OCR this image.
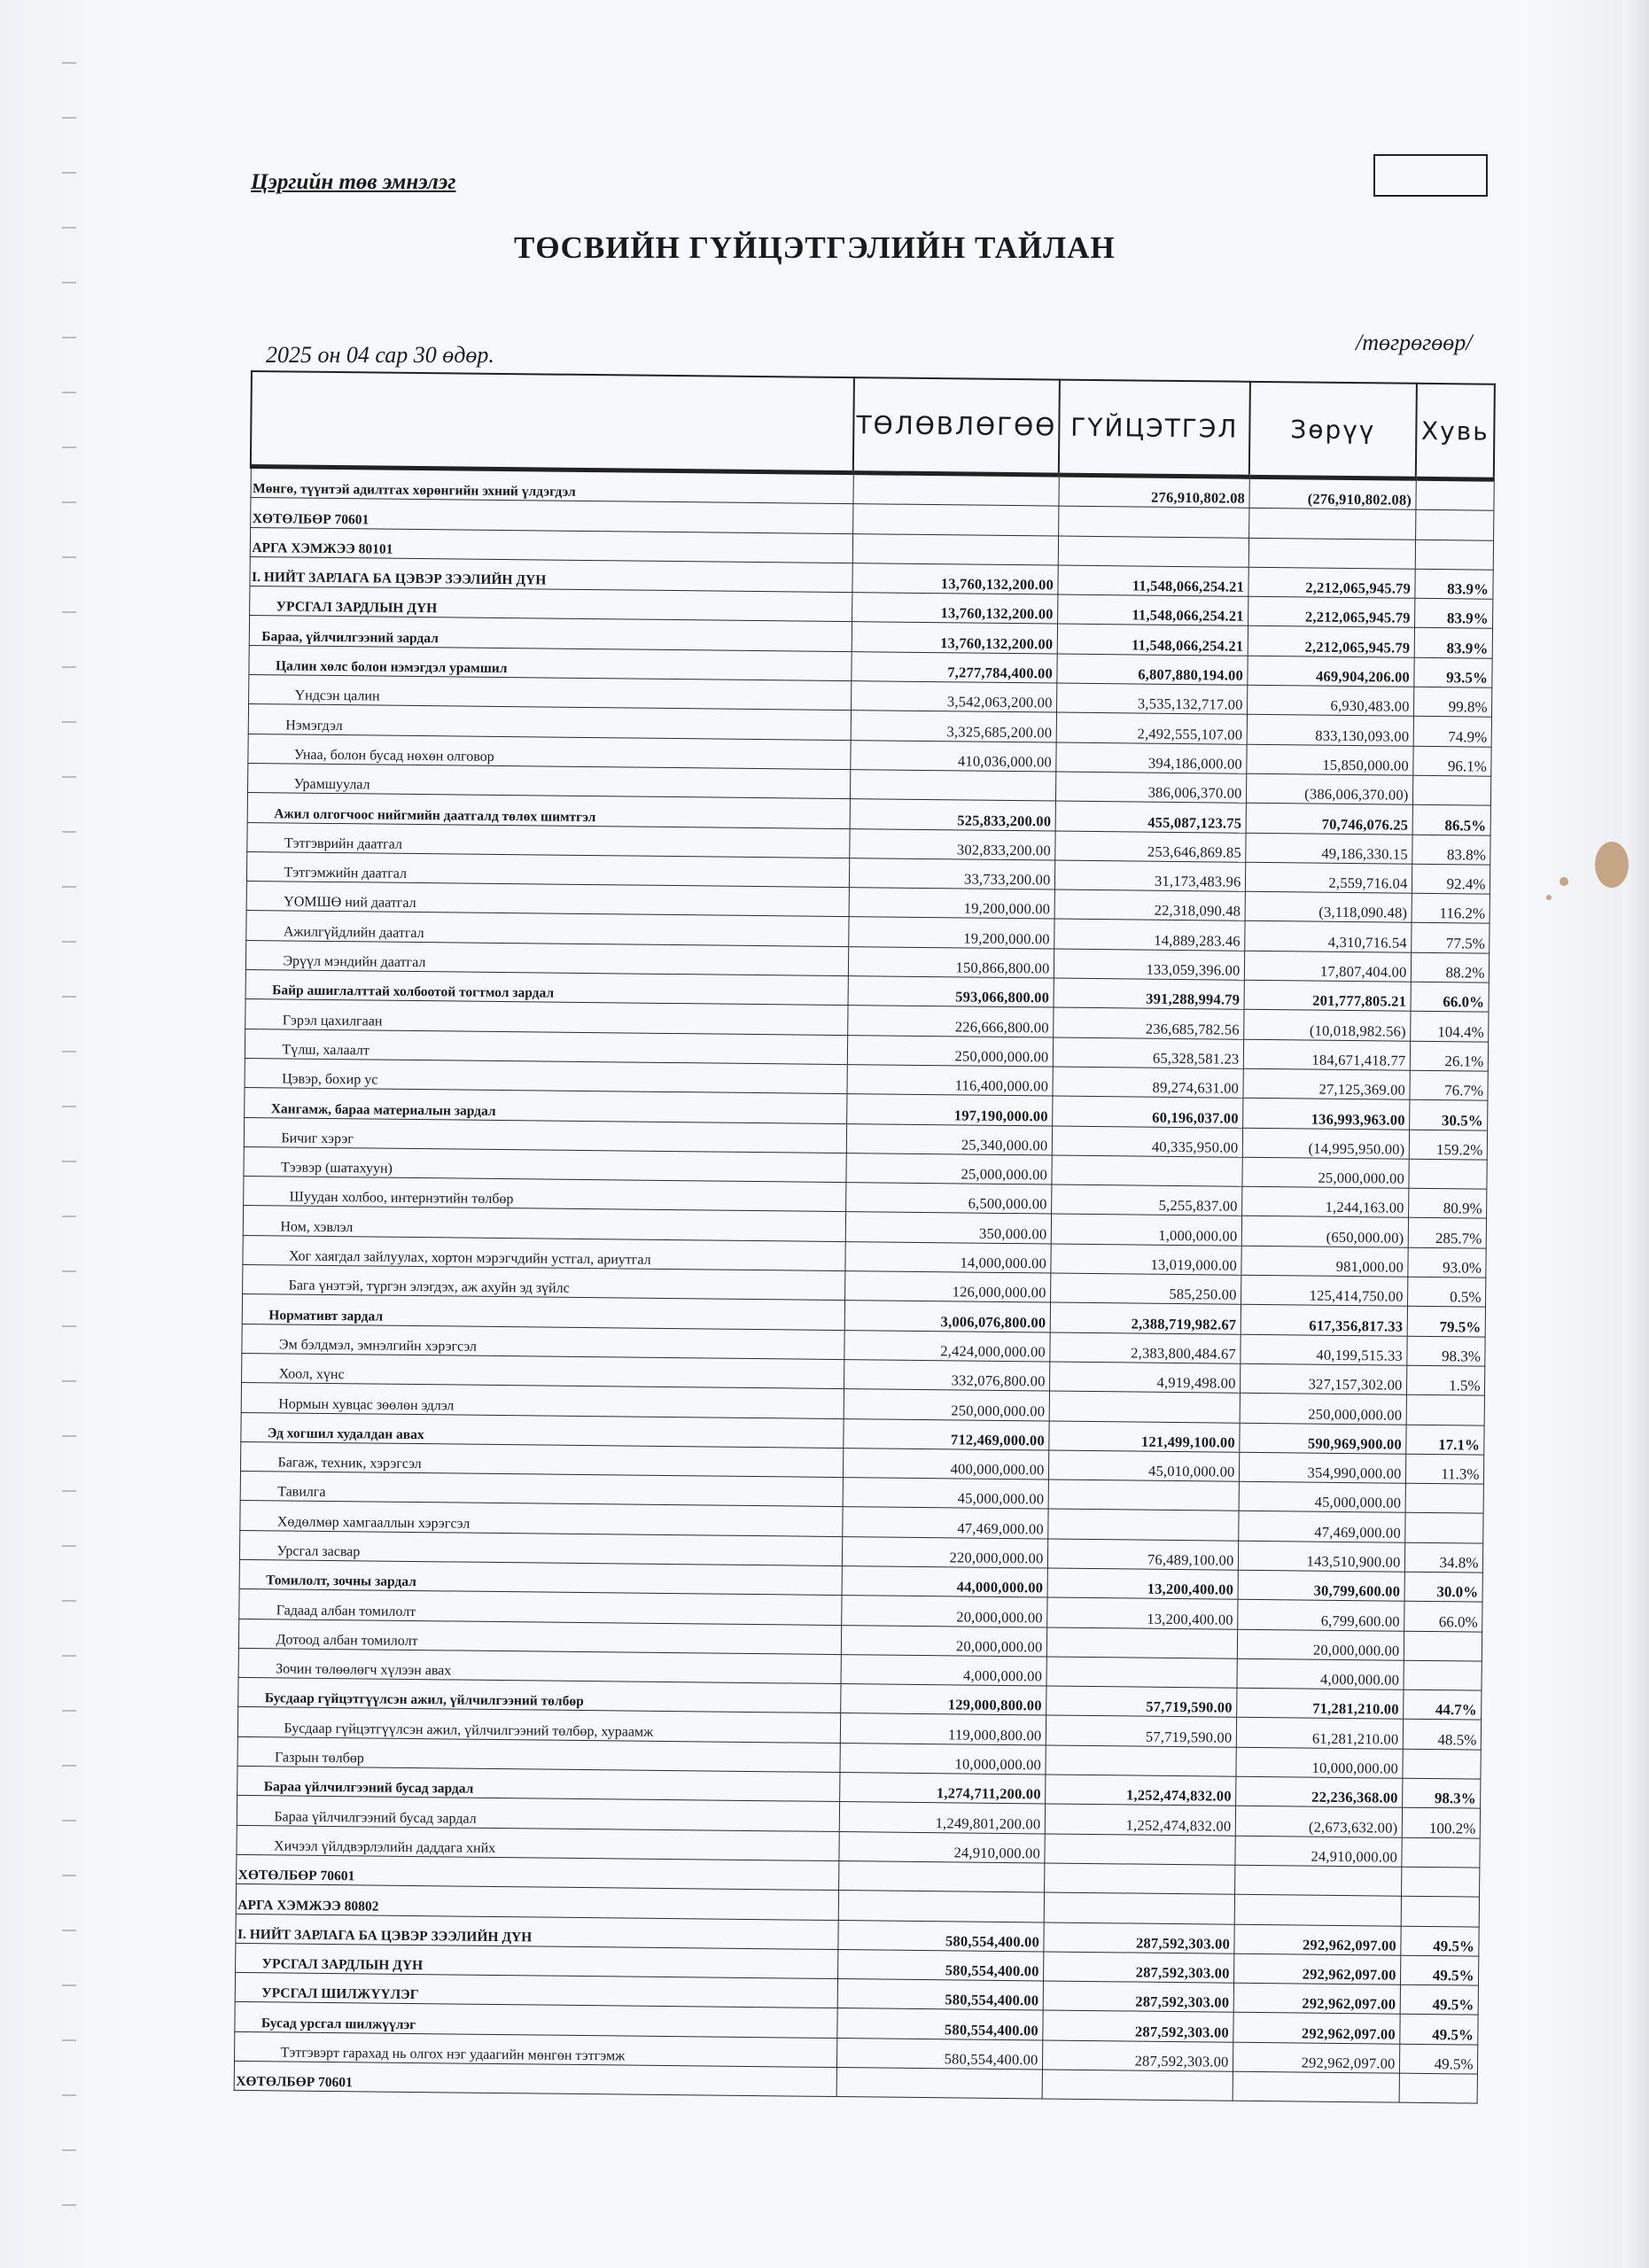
Цэргийн төв эмнэлэг
ТӨСВИЙН ГҮЙЦЭТГЭЛИЙН ТАЙЛАН
2025 он 04 сар 30 өдөр.	/төгрөгөөр/
	ТӨЛӨВЛӨГӨӨ	ГҮЙЦЭТГЭЛ	Зөрүү	Хувь
Мөнгө, түүнтэй адилтгах хөрөнгийн эхний үлдэгдэл		276,910,802.08	(276,910,802.08)	
ХӨТӨЛБӨР 70601				
АРГА ХЭМЖЭЭ 80101				
I. НИЙТ ЗАРЛАГА БА ЦЭВЭР ЗЭЭЛИЙН ДҮН	13,760,132,200.00	11,548,066,254.21	2,212,065,945.79	83.9%
УРСГАЛ ЗАРДЛЫН ДҮН	13,760,132,200.00	11,548,066,254.21	2,212,065,945.79	83.9%
Бараа, үйлчилгээний зардал	13,760,132,200.00	11,548,066,254.21	2,212,065,945.79	83.9%
Цалин хөлс болон нэмэгдэл урамшил	7,277,784,400.00	6,807,880,194.00	469,904,206.00	93.5%
Үндсэн цалин	3,542,063,200.00	3,535,132,717.00	6,930,483.00	99.8%
Нэмэгдэл	3,325,685,200.00	2,492,555,107.00	833,130,093.00	74.9%
Унаа, болон бусад нөхөн олговор	410,036,000.00	394,186,000.00	15,850,000.00	96.1%
Урамшуулал		386,006,370.00	(386,006,370.00)	
Ажил олгогчоос нийгмийн даатгалд төлөх шимтгэл	525,833,200.00	455,087,123.75	70,746,076.25	86.5%
Тэтгэврийн даатгал	302,833,200.00	253,646,869.85	49,186,330.15	83.8%
Тэтгэмжийн даатгал	33,733,200.00	31,173,483.96	2,559,716.04	92.4%
ҮОМШӨ ний даатгал	19,200,000.00	22,318,090.48	(3,118,090.48)	116.2%
Ажилгүйдлийн даатгал	19,200,000.00	14,889,283.46	4,310,716.54	77.5%
Эрүүл мэндийн даатгал	150,866,800.00	133,059,396.00	17,807,404.00	88.2%
Байр ашиглалттай холбоотой тогтмол зардал	593,066,800.00	391,288,994.79	201,777,805.21	66.0%
Гэрэл цахилгаан	226,666,800.00	236,685,782.56	(10,018,982.56)	104.4%
Түлш, халаалт	250,000,000.00	65,328,581.23	184,671,418.77	26.1%
Цэвэр, бохир ус	116,400,000.00	89,274,631.00	27,125,369.00	76.7%
Хангамж, бараа материалын зардал	197,190,000.00	60,196,037.00	136,993,963.00	30.5%
Бичиг хэрэг	25,340,000.00	40,335,950.00	(14,995,950.00)	159.2%
Тээвэр (шатахуун)	25,000,000.00		25,000,000.00	
Шуудан холбоо, интернэтийн төлбөр	6,500,000.00	5,255,837.00	1,244,163.00	80.9%
Ном, хэвлэл	350,000.00	1,000,000.00	(650,000.00)	285.7%
Хог хаягдал зайлуулах, хортон мэрэгчдийн устгал, ариутгал	14,000,000.00	13,019,000.00	981,000.00	93.0%
Бага үнэтэй, түргэн элэгдэх, аж ахуйн эд зүйлс	126,000,000.00	585,250.00	125,414,750.00	0.5%
Нормативт зардал	3,006,076,800.00	2,388,719,982.67	617,356,817.33	79.5%
Эм бэлдмэл, эмнэлгийн хэрэгсэл	2,424,000,000.00	2,383,800,484.67	40,199,515.33	98.3%
Хоол, хүнс	332,076,800.00	4,919,498.00	327,157,302.00	1.5%
Нормын хувцас зөөлөн эдлэл	250,000,000.00		250,000,000.00	
Эд хогшил худалдан авах	712,469,000.00	121,499,100.00	590,969,900.00	17.1%
Багаж, техник, хэрэгсэл	400,000,000.00	45,010,000.00	354,990,000.00	11.3%
Тавилга	45,000,000.00		45,000,000.00	
Хөдөлмөр хамгааллын хэрэгсэл	47,469,000.00		47,469,000.00	
Урсгал засвар	220,000,000.00	76,489,100.00	143,510,900.00	34.8%
Томилолт, зочны зардал	44,000,000.00	13,200,400.00	30,799,600.00	30.0%
Гадаад албан томилолт	20,000,000.00	13,200,400.00	6,799,600.00	66.0%
Дотоод албан томилолт	20,000,000.00		20,000,000.00	
Зочин төлөөлөгч хүлээн авах	4,000,000.00		4,000,000.00	
Бусдаар гүйцэтгүүлсэн ажил, үйлчилгээний төлбөр	129,000,800.00	57,719,590.00	71,281,210.00	44.7%
Бусдаар гүйцэтгүүлсэн ажил, үйлчилгээний төлбөр, хураамж	119,000,800.00	57,719,590.00	61,281,210.00	48.5%
Газрын төлбөр	10,000,000.00		10,000,000.00	
Бараа үйлчилгээний бусад зардал	1,274,711,200.00	1,252,474,832.00	22,236,368.00	98.3%
Бараа үйлчилгээний бусад зардал	1,249,801,200.00	1,252,474,832.00	(2,673,632.00)	100.2%
Хичээл үйлдвэрлэлийн даддага хнйх	24,910,000.00		24,910,000.00	
ХӨТӨЛБӨР 70601				
АРГА ХЭМЖЭЭ 80802				
I. НИЙТ ЗАРЛАГА БА ЦЭВЭР ЗЭЭЛИЙН ДҮН	580,554,400.00	287,592,303.00	292,962,097.00	49.5%
УРСГАЛ ЗАРДЛЫН ДҮН	580,554,400.00	287,592,303.00	292,962,097.00	49.5%
УРСГАЛ ШИЛЖҮҮЛЭГ	580,554,400.00	287,592,303.00	292,962,097.00	49.5%
Бусад урсгал шилжүүлэг	580,554,400.00	287,592,303.00	292,962,097.00	49.5%
Тэтгэвэрт гарахад нь олгох нэг удаагийн мөнгөн тэтгэмж	580,554,400.00	287,592,303.00	292,962,097.00	49.5%
ХӨТӨЛБӨР 70601				
